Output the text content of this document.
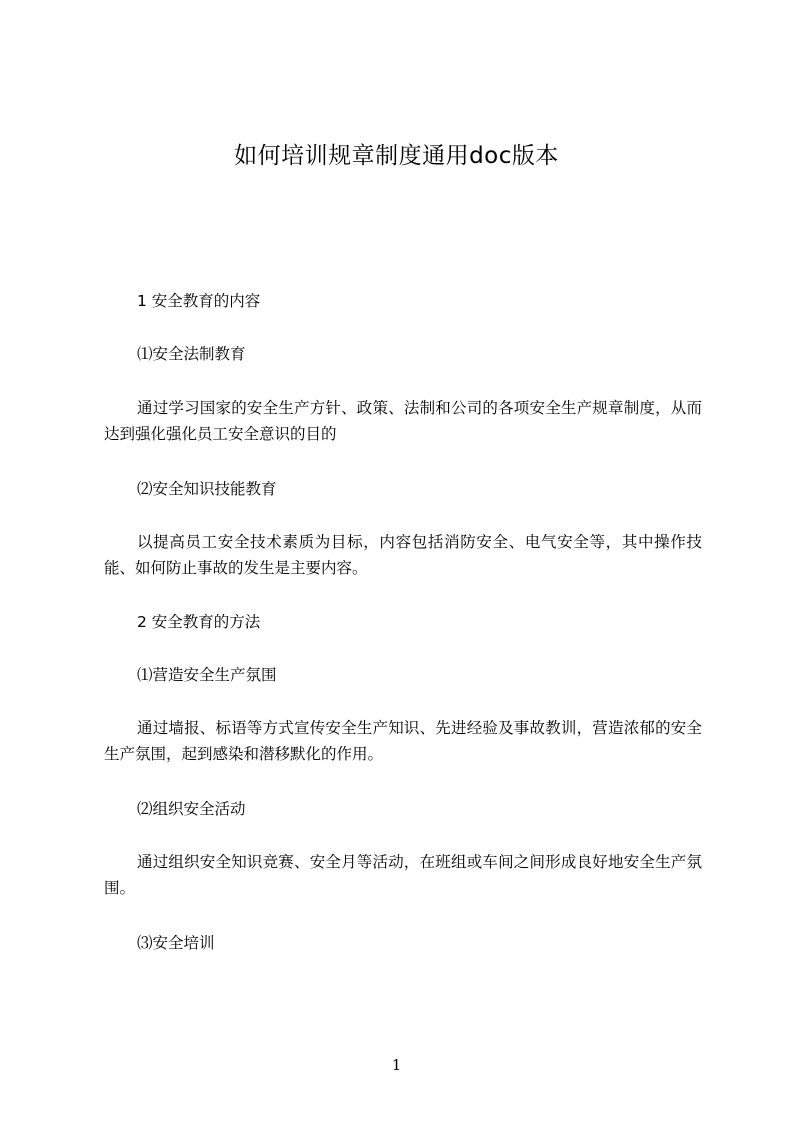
如何培训规章制度通用doc版本

1 安全教育的内容

⑴安全法制教育

通过学习国家的安全生产方针、政策、法制和公司的各项安全生产规章制度，从而达到强化强化员工安全意识的目的

⑵安全知识技能教育

以提高员工安全技术素质为目标，内容包括消防安全、电气安全等，其中操作技能、如何防止事故的发生是主要内容。

2 安全教育的方法

⑴营造安全生产氛围

通过墙报、标语等方式宣传安全生产知识、先进经验及事故教训，营造浓郁的安全生产氛围，起到感染和潜移默化的作用。

⑵组织安全活动

通过组织安全知识竞赛、安全月等活动，在班组或车间之间形成良好地安全生产氛围。

⑶安全培训

1
